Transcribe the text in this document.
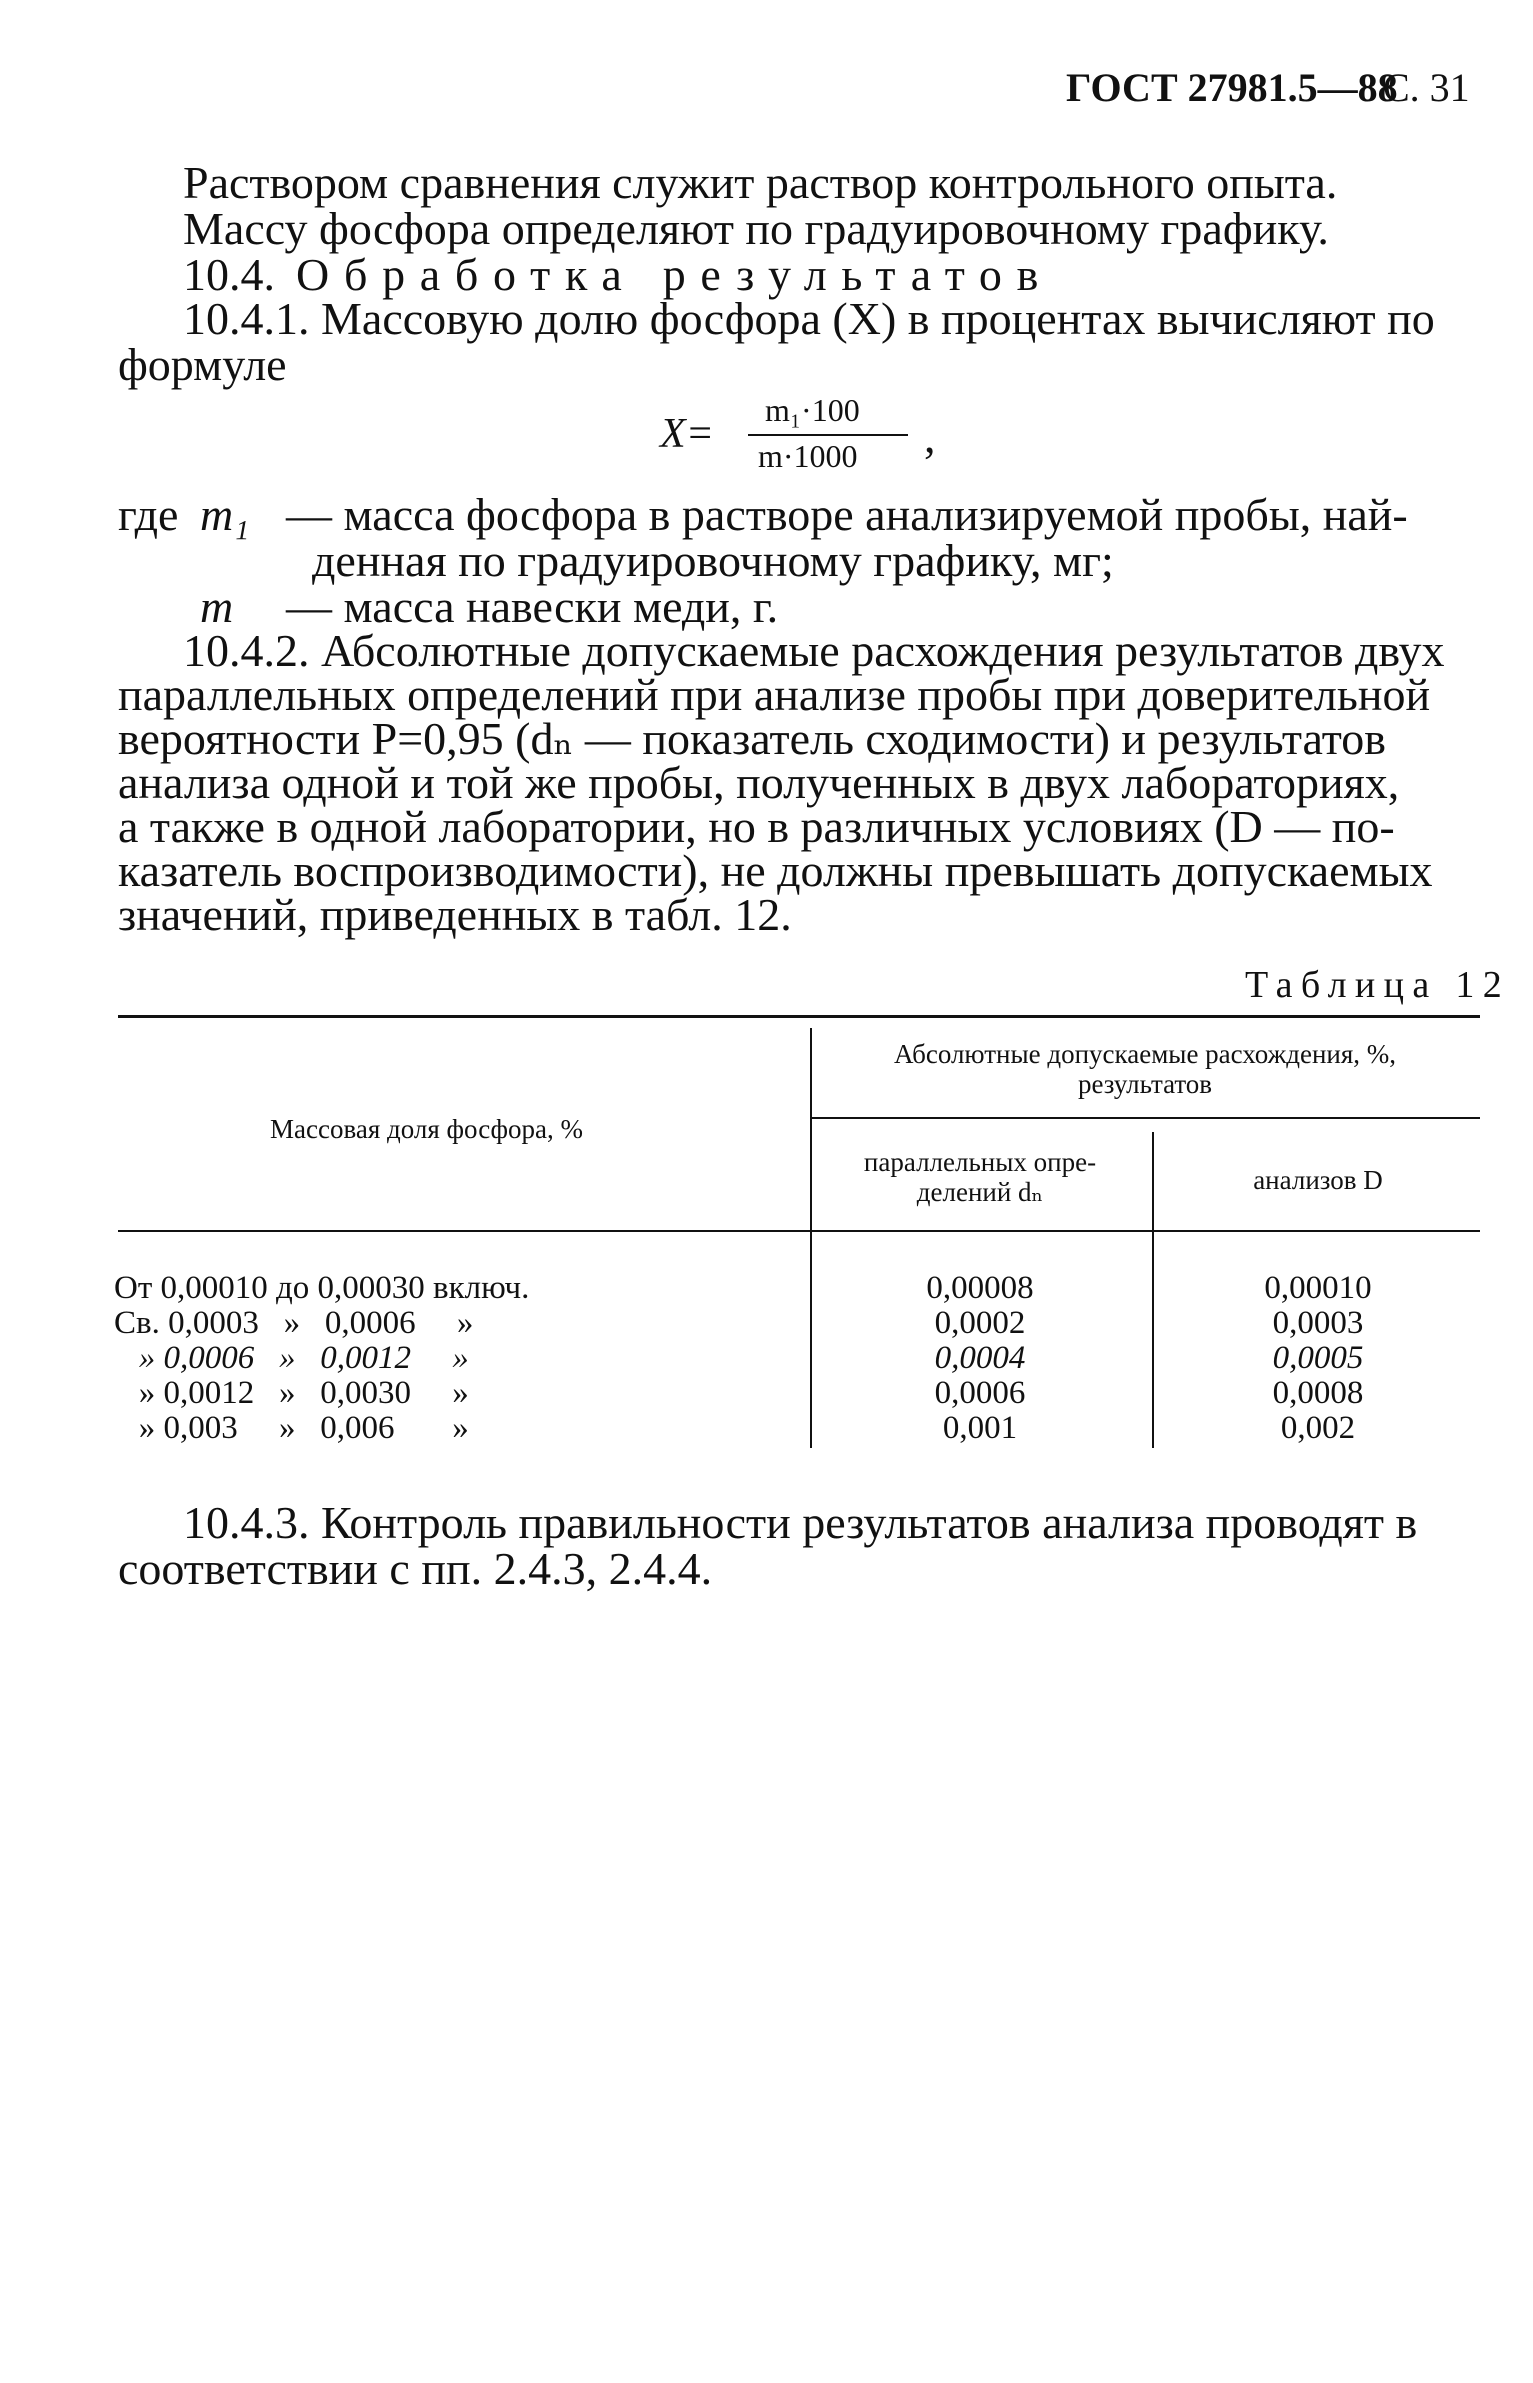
ГОСТ 27981.5—88
С. 31
Раствором сравнения служит раствор контрольного опыта.
Массу фосфора определяют по градуировочному графику.
10.4. Обработка результатов
10.4.1. Массовую долю фосфора (X) в процентах вычисляют по
формуле
X=
m₁·100
m·1000 ,
где m₁ — масса фосфора в растворе анализируемой пробы, най-
денная по градуировочному графику, мг;
m — масса навески меди, г.
10.4.2. Абсолютные допускаемые расхождения результатов двух
параллельных определений при анализе пробы при доверительной
вероятности P=0,95 (dₙ — показатель сходимости) и результатов
анализа одной и той же пробы, полученных в двух лабораториях,
а также в одной лаборатории, но в различных условиях (D — по-
казатель воспроизводимости), не должны превышать допускаемых
значений, приведенных в табл. 12.
Таблица 12
Массовая доля фосфора, %
Абсолютные допускаемые расхождения, %,
результатов
параллельных опре-
делений dₙ	анализов D
От 0,00010 до 0,00030 включ.	0,00008	0,00010
Св. 0,0003   »   0,0006     »	0,0002	0,0003
» 0,0006   »   0,0012     »	0,0004	0,0005
» 0,0012   »   0,0030     »	0,0006	0,0008
» 0,003     »   0,006       »	0,001	0,002
10.4.3. Контроль правильности результатов анализа проводят в
соответствии с пп. 2.4.3, 2.4.4.
